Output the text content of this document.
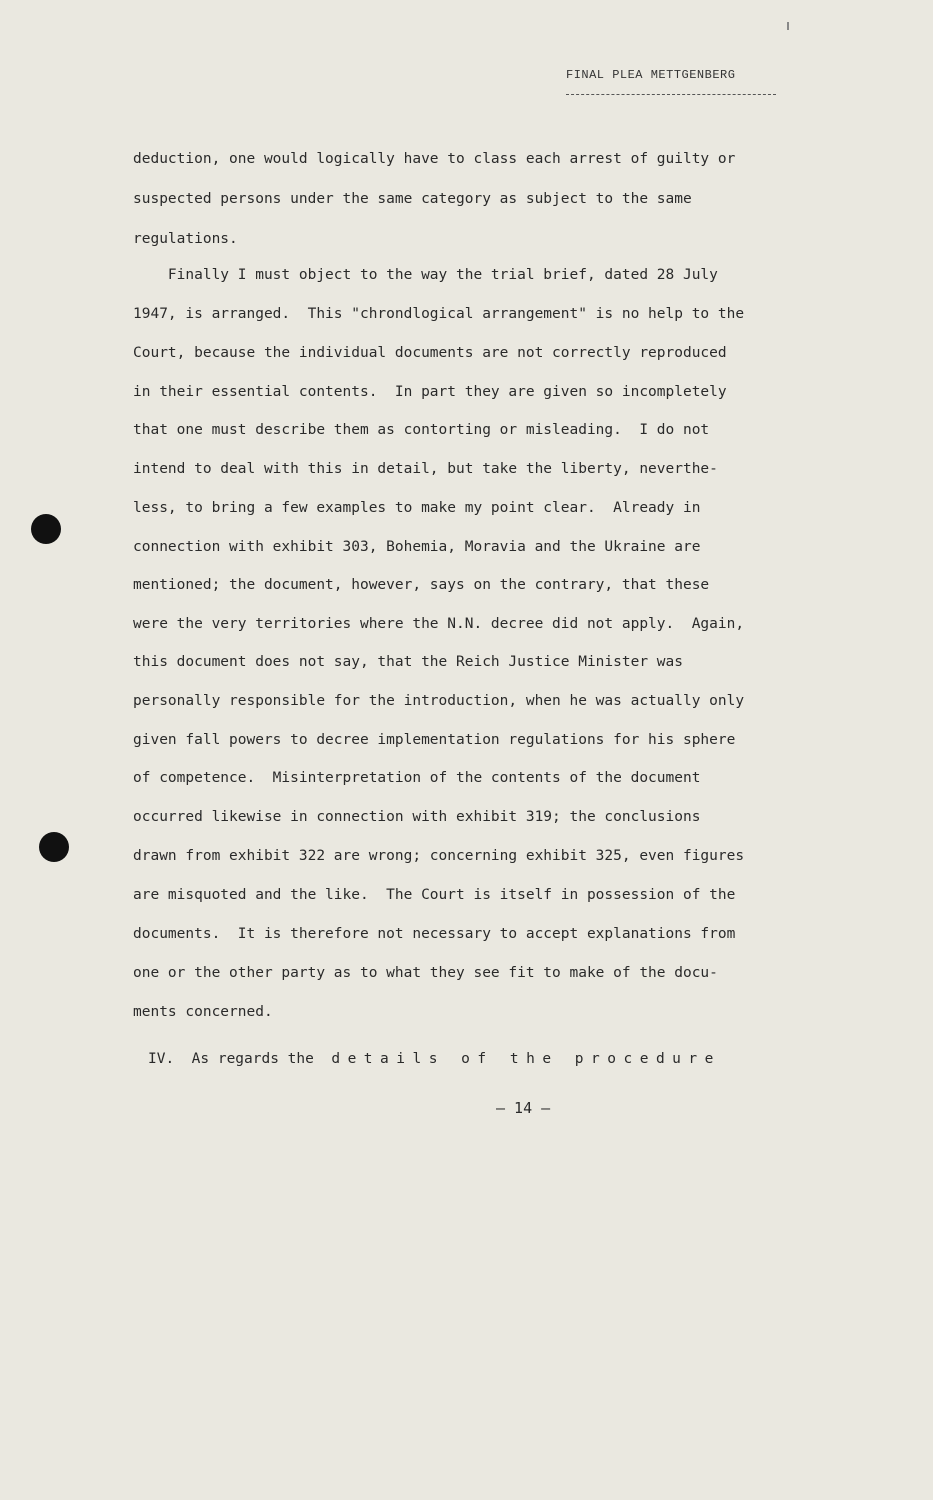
FINAL PLEA METTGENBERG
deduction, one would logically have to class each arrest of guilty or
suspected persons under the same category as subject to the same
regulations.
Finally I must object to the way the trial brief, dated 28 July
1947, is arranged.  This "chrondlogical arrangement" is no help to the
Court, because the individual documents are not correctly reproduced
in their essential contents.  In part they are given so incompletely
that one must describe them as contorting or misleading.  I do not
intend to deal with this in detail, but take the liberty, neverthe-
less, to bring a few examples to make my point clear.  Already in
connection with exhibit 303, Bohemia, Moravia and the Ukraine are
mentioned; the document, however, says on the contrary, that these
were the very territories where the N.N. decree did not apply.  Again,
this document does not say, that the Reich Justice Minister was
personally responsible for the introduction, when he was actually only
given fall powers to decree implementation regulations for his sphere
of competence.  Misinterpretation of the contents of the document
occurred likewise in connection with exhibit 319; the conclusions
drawn from exhibit 322 are wrong; concerning exhibit 325, even figures
are misquoted and the like.  The Court is itself in possession of the
documents.  It is therefore not necessary to accept explanations from
one or the other party as to what they see fit to make of the docu-
ments concerned.
IV.  As regards the details of the procedure
– 14 –
